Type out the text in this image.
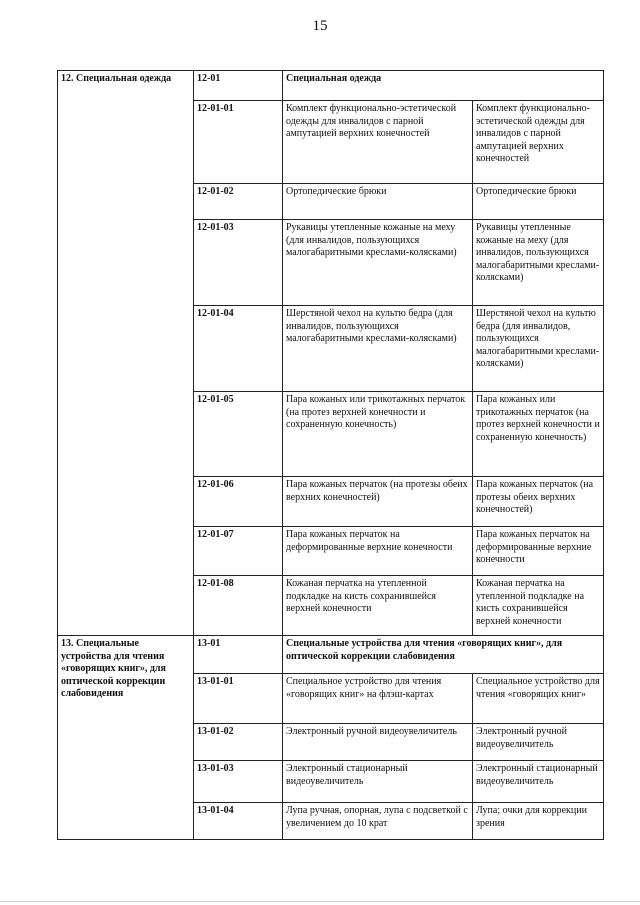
15
12. Специальная одежда	12-01	Специальная одежда	
	12-01-01	Комплект функционально-эстетической одежды для инвалидов с парной ампутацией верхних конечностей	Комплект функционально-эстетической одежды для инвалидов с парной ампутацией верхних конечностей
	12-01-02	Ортопедические брюки	Ортопедические брюки
	12-01-03	Рукавицы утепленные кожаные на меху (для инвалидов, пользующихся малогабаритными креслами-колясками)	Рукавицы утепленные кожаные на меху (для инвалидов, пользующихся малогабаритными креслами-колясками)
	12-01-04	Шерстяной чехол на культю бедра (для инвалидов, пользующихся малогабаритными креслами-колясками)	Шерстяной чехол на культю бедра (для инвалидов, пользующихся малогабаритными креслами-колясками)
	12-01-05	Пара кожаных или трикотажных перчаток (на протез верхней конечности и сохраненную конечность)	Пара кожаных или трикотажных перчаток (на протез верхней конечности и сохраненную конечность)
	12-01-06	Пара кожаных перчаток (на протезы обеих верхних конечностей)	Пара кожаных перчаток (на протезы обеих верхних конечностей)
	12-01-07	Пара кожаных перчаток на деформированные верхние конечности	Пара кожаных перчаток на деформированные верхние конечности
	12-01-08	Кожаная перчатка на утепленной подкладке на кисть сохранившейся верхней конечности	Кожаная перчатка на утепленной подкладке на кисть сохранившейся верхней конечности
13. Специальные устройства для чтения «говорящих книг», для оптической коррекции слабовидения	13-01	Специальные устройства для чтения «говорящих книг», для оптической коррекции слабовидения	
	13-01-01	Специальное устройство для чтения «говорящих книг» на флэш-картах	Специальное устройство для чтения «говорящих книг»
	13-01-02	Электронный ручной видеоувеличитель	Электронный ручной видеоувеличитель
	13-01-03	Электронный стационарный видеоувеличитель	Электронный стационарный видеоувеличитель
	13-01-04	Лупа ручная, опорная, лупа с подсветкой с увеличением до 10 крат	Лупа; очки для коррекции зрения
